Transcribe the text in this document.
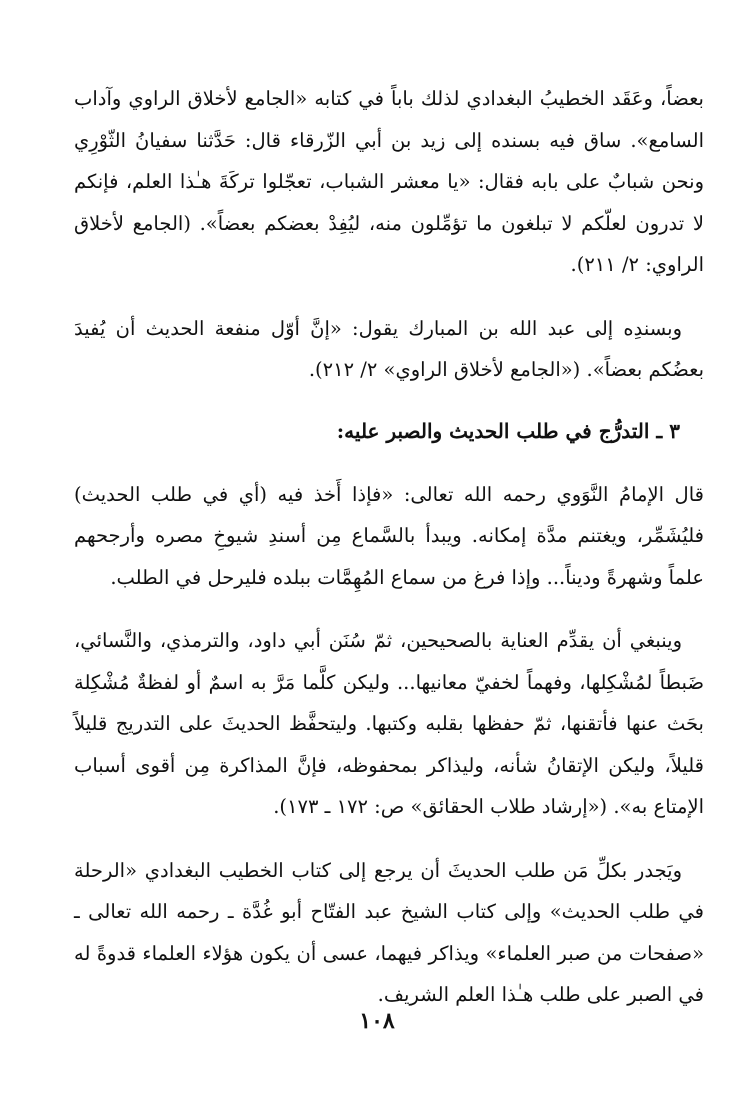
بعضاً، وعَقَد الخطيبُ البغدادي لذلك باباً في كتابه «الجامع لأخلاق الراوي وآداب السامع». ساق فيه بسنده إلى زيد بن أبي الزّرقاء قال: حَدَّثنا سفيانُ الثّوْرِي ونحن شبابٌ على بابه فقال: «يا معشر الشباب، تعجّلوا تركَةَ هـٰذا العلم، فإنكم لا تدرون لعلّكم لا تبلغون ما تؤمِّلون منه، ليُفِدْ بعضكم بعضاً». (الجامع لأخلاق الراوي: ٢/ ٢١١).

وبسندِه إلى عبد الله بن المبارك يقول: «إنَّ أوّل منفعة الحديث أن يُفيدَ بعضُكم بعضاً». («الجامع لأخلاق الراوي» ٢/ ٢١٢).

٣ ـ التدرُّج في طلب الحديث والصبر عليه:

قال الإمامُ النَّوَوي رحمه الله تعالى: «فإذا أَخذ فيه (أي في طلب الحديث) فليُشَمِّر، ويغتنم مدَّة إمكانه. ويبدأ بالسَّماع مِن أسندِ شيوخِ مصره وأرجحهم علماً وشهرةً وديناً... وإذا فرغ من سماع المُهِمَّات ببلده فليرحل في الطلب.

وينبغي أن يقدِّم العناية بالصحيحين، ثمّ سُنَن أبي داود، والترمذي، والنَّسائي، ضَبطاً لمُشْكِلها، وفهماً لخفيّ معانيها... وليكن كلَّما مَرَّ به اسمٌ أو لفظةٌ مُشْكِلة بحَث عنها فأتقنها، ثمّ حفظها بقلبه وكتبها. وليتحفَّظ الحديثَ على التدريج قليلاً قليلاً، وليكن الإتقانُ شأنه، وليذاكر بمحفوظه، فإنَّ المذاكرة مِن أقوى أسباب الإمتاع به». («إرشاد طلاب الحقائق» ص: ١٧٢ ـ ١٧٣).

ويَجدر بكلِّ مَن طلب الحديثَ أن يرجع إلى كتاب الخطيب البغدادي «الرحلة في طلب الحديث» وإلى كتاب الشيخ عبد الفتّاح أبو غُدَّة ـ رحمه الله تعالى ـ «صفحات من صبر العلماء» ويذاكر فيهما، عسى أن يكون هؤلاء العلماء قدوةً له في الصبر على طلب هـٰذا العلم الشريف.

١٠٨
